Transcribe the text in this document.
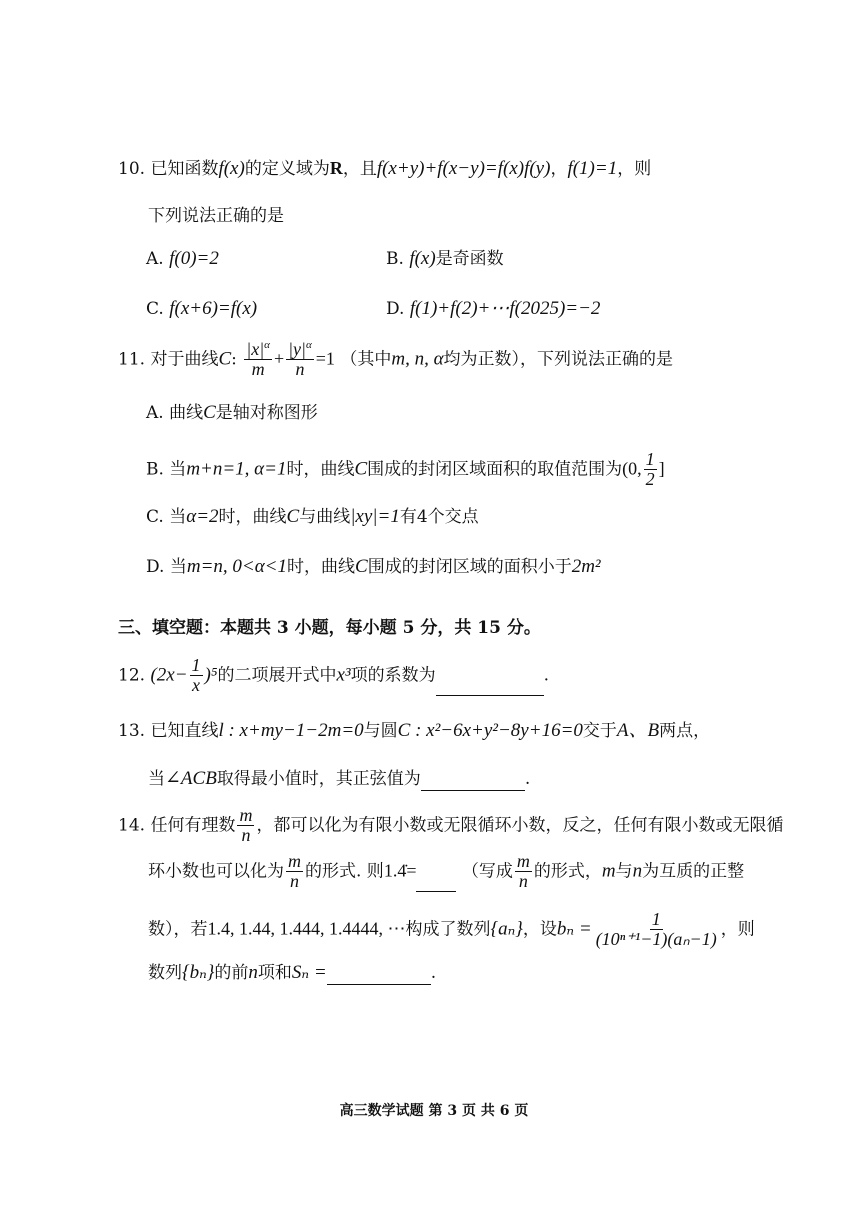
10. 已知函数f(x)的定义域为R，且f(x+y)+f(x−y)=f(x)f(y)，f(1)=1，则
下列说法正确的是
A. f(0)=2	B. f(x)是奇函数
C. f(x+6)=f(x)	D. f(1)+f(2)+⋯f(2025)=−2
11. 对于曲线C: $\frac{|x|^\alpha}{m} + \frac{|y|^\alpha}{n} =1$ （其中m, n, α均为正数），下列说法正确的是
A. 曲线C是轴对称图形
B. 当m+n=1, α=1时，曲线C围成的封闭区域面积的取值范围为(0, $\frac{1}{2}$ ]
C. 当α=2时，曲线C与曲线|xy|=1有4个交点
D. 当m=n, 0<α<1时，曲线C围成的封闭区域的面积小于2m²
三、填空题：本题共 3 小题，每小题 5 分，共 15 分。
12. $(2x- \frac{1}{x} )^5$的二项展开式中x³项的系数为	.
13. 已知直线l : x+my−1−2m=0与圆C : x²−6x+y²−8y+16=0交于A、B两点，
当∠ACB取得最小值时，其正弦值为	.
14. 任何有理数 $\frac{m}{n}$ ，都可以化为有限小数或无限循环小数，反之，任何有限小数或无限循
环小数也可以化为 $\frac{m}{n}$ 的形式. 则1.4̇=	（写成 $\frac{m}{n}$ 的形式，m与n为互质的正整
数），若1.4, 1.44, 1.444, 1.4444, ⋯构成了数列{aₙ}，设$b_n = \frac{1}{\text{(10ⁿ⁺¹−1)(aₙ−1)}}$ ，则
数列{bₙ}的前n项和Sₙ =	.
高三数学试题 第 3 页 共 6 页
